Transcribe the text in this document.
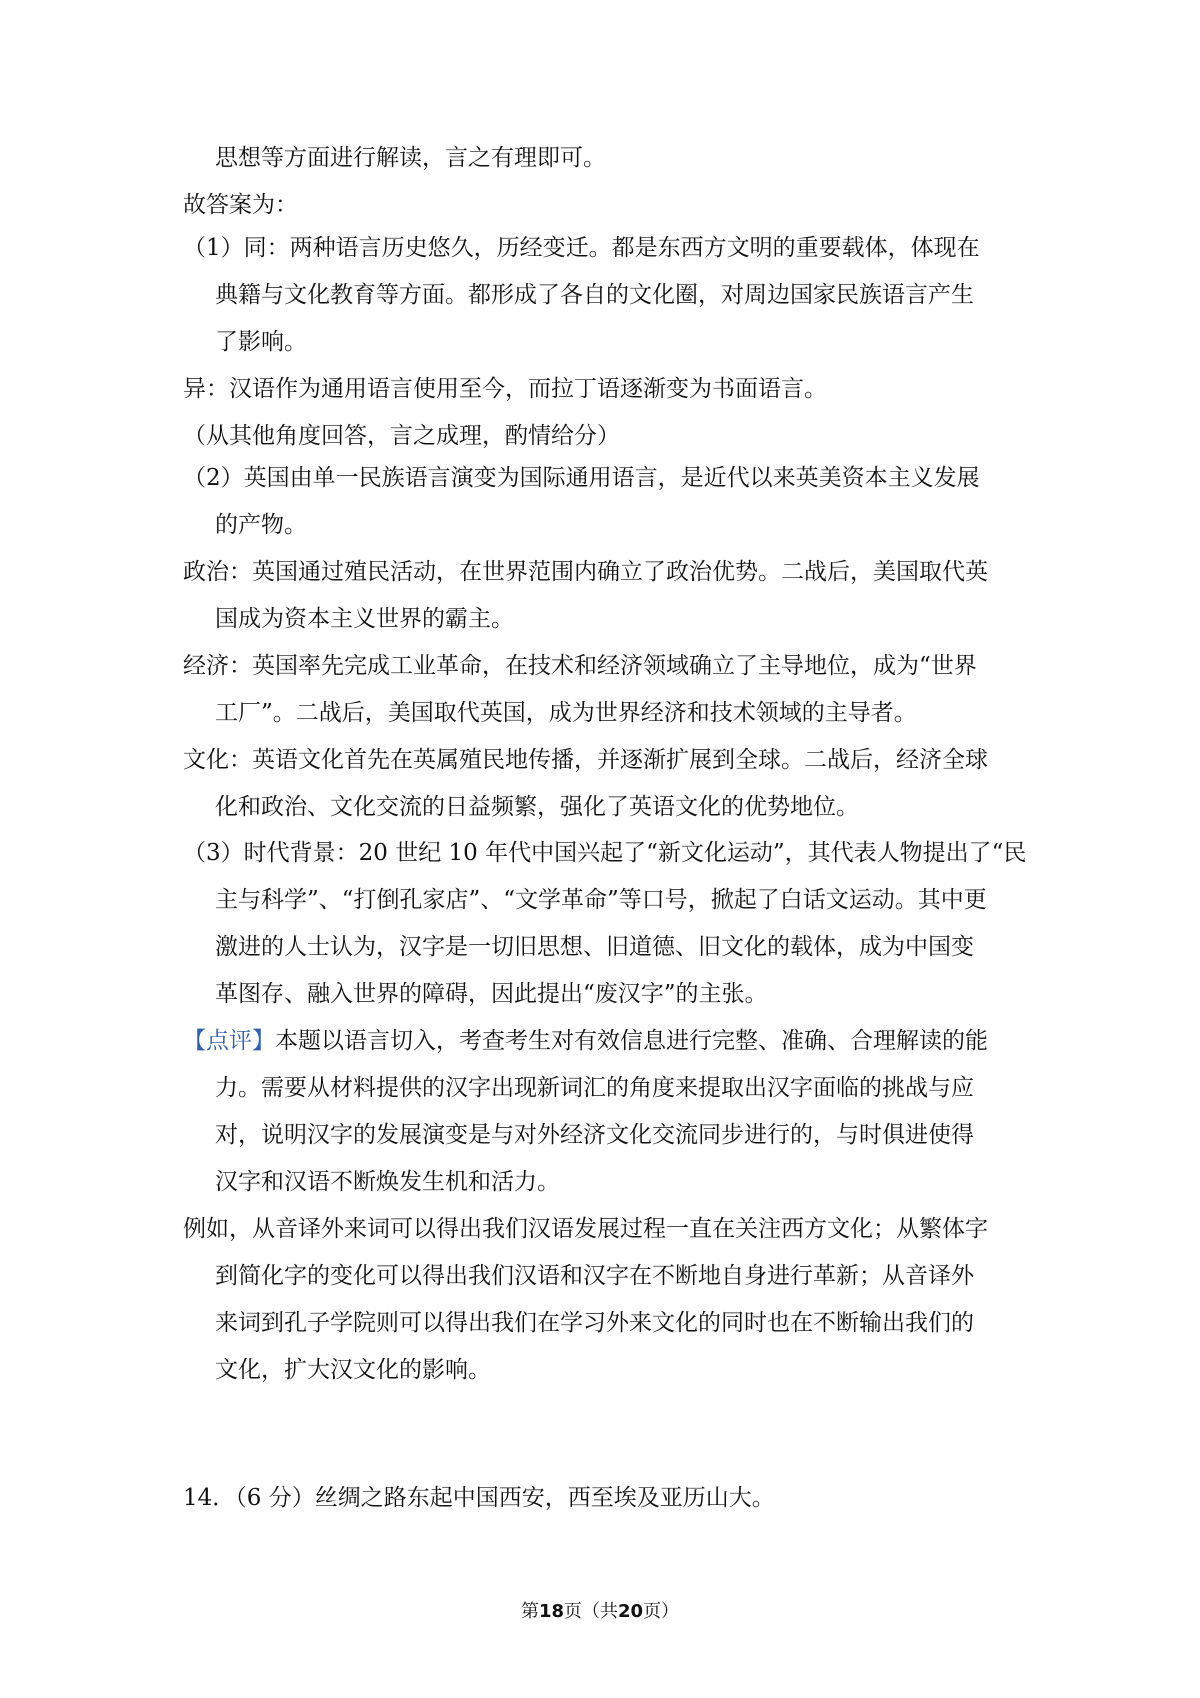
思想等方面进行解读，言之有理即可。
故答案为：
（1）同：两种语言历史悠久，历经变迁。都是东西方文明的重要载体，体现在
典籍与文化教育等方面。都形成了各自的文化圈，对周边国家民族语言产生
了影响。
异：汉语作为通用语言使用至今，而拉丁语逐渐变为书面语言。
（从其他角度回答，言之成理，酌情给分）
（2）英国由单一民族语言演变为国际通用语言，是近代以来英美资本主义发展
的产物。
政治：英国通过殖民活动，在世界范围内确立了政治优势。二战后，美国取代英
国成为资本主义世界的霸主。
经济：英国率先完成工业革命，在技术和经济领域确立了主导地位，成为“世界
工厂”。二战后，美国取代英国，成为世界经济和技术领域的主导者。
文化：英语文化首先在英属殖民地传播，并逐渐扩展到全球。二战后，经济全球
化和政治、文化交流的日益频繁，强化了英语文化的优势地位。
（3）时代背景：20 世纪 10 年代中国兴起了“新文化运动”，其代表人物提出了“民
主与科学”、“打倒孔家店”、“文学革命”等口号，掀起了白话文运动。其中更
激进的人士认为，汉字是一切旧思想、旧道德、旧文化的载体，成为中国变
革图存、融入世界的障碍，因此提出“废汉字”的主张。
【点评】本题以语言切入，考查考生对有效信息进行完整、准确、合理解读的能
力。需要从材料提供的汉字出现新词汇的角度来提取出汉字面临的挑战与应
对，说明汉字的发展演变是与对外经济文化交流同步进行的，与时俱进使得
汉字和汉语不断焕发生机和活力。
例如，从音译外来词可以得出我们汉语发展过程一直在关注西方文化；从繁体字
到简化字的变化可以得出我们汉语和汉字在不断地自身进行革新；从音译外
来词到孔子学院则可以得出我们在学习外来文化的同时也在不断输出我们的
文化，扩大汉文化的影响。
14．（6 分）丝绸之路东起中国西安，西至埃及亚历山大。
第18页（共20页）
